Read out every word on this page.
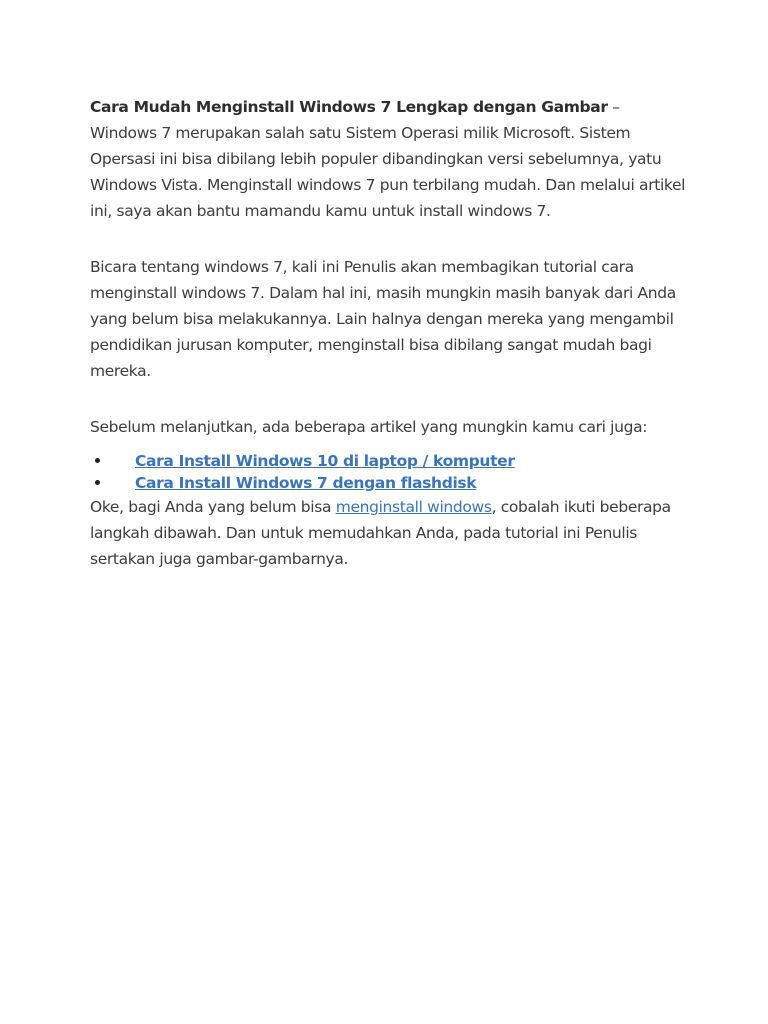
Cara Mudah Menginstall Windows 7 Lengkap dengan Gambar – Windows 7 merupakan salah satu Sistem Operasi milik Microsoft. Sistem Opersasi ini bisa dibilang lebih populer dibandingkan versi sebelumnya, yatu Windows Vista. Menginstall windows 7 pun terbilang mudah. Dan melalui artikel ini, saya akan bantu mamandu kamu untuk install windows 7.

Bicara tentang windows 7, kali ini Penulis akan membagikan tutorial cara menginstall windows 7. Dalam hal ini, masih mungkin masih banyak dari Anda yang belum bisa melakukannya. Lain halnya dengan mereka yang mengambil pendidikan jurusan komputer, menginstall bisa dibilang sangat mudah bagi mereka.

Sebelum melanjutkan, ada beberapa artikel yang mungkin kamu cari juga:

Cara Install Windows 10 di laptop / komputer
Cara Install Windows 7 dengan flashdisk

Oke, bagi Anda yang belum bisa menginstall windows, cobalah ikuti beberapa langkah dibawah. Dan untuk memudahkan Anda, pada tutorial ini Penulis sertakan juga gambar-gambarnya.
